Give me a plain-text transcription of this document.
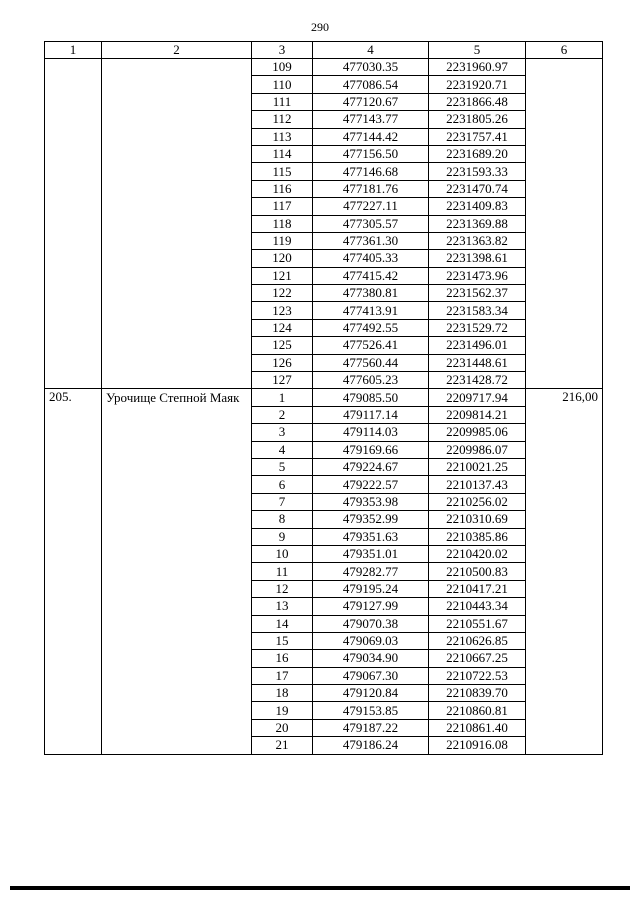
290
1	2	3	4	5	6
		109	477030.35	2231960.97	
		110	477086.54	2231920.71	
		111	477120.67	2231866.48	
		112	477143.77	2231805.26	
		113	477144.42	2231757.41	
		114	477156.50	2231689.20	
		115	477146.68	2231593.33	
		116	477181.76	2231470.74	
		117	477227.11	2231409.83	
		118	477305.57	2231369.88	
		119	477361.30	2231363.82	
		120	477405.33	2231398.61	
		121	477415.42	2231473.96	
		122	477380.81	2231562.37	
		123	477413.91	2231583.34	
		124	477492.55	2231529.72	
		125	477526.41	2231496.01	
		126	477560.44	2231448.61	
		127	477605.23	2231428.72	
205.	Урочище Степной Маяк	1	479085.50	2209717.94	216,00
		2	479117.14	2209814.21	
		3	479114.03	2209985.06	
		4	479169.66	2209986.07	
		5	479224.67	2210021.25	
		6	479222.57	2210137.43	
		7	479353.98	2210256.02	
		8	479352.99	2210310.69	
		9	479351.63	2210385.86	
		10	479351.01	2210420.02	
		11	479282.77	2210500.83	
		12	479195.24	2210417.21	
		13	479127.99	2210443.34	
		14	479070.38	2210551.67	
		15	479069.03	2210626.85	
		16	479034.90	2210667.25	
		17	479067.30	2210722.53	
		18	479120.84	2210839.70	
		19	479153.85	2210860.81	
		20	479187.22	2210861.40	
		21	479186.24	2210916.08	
